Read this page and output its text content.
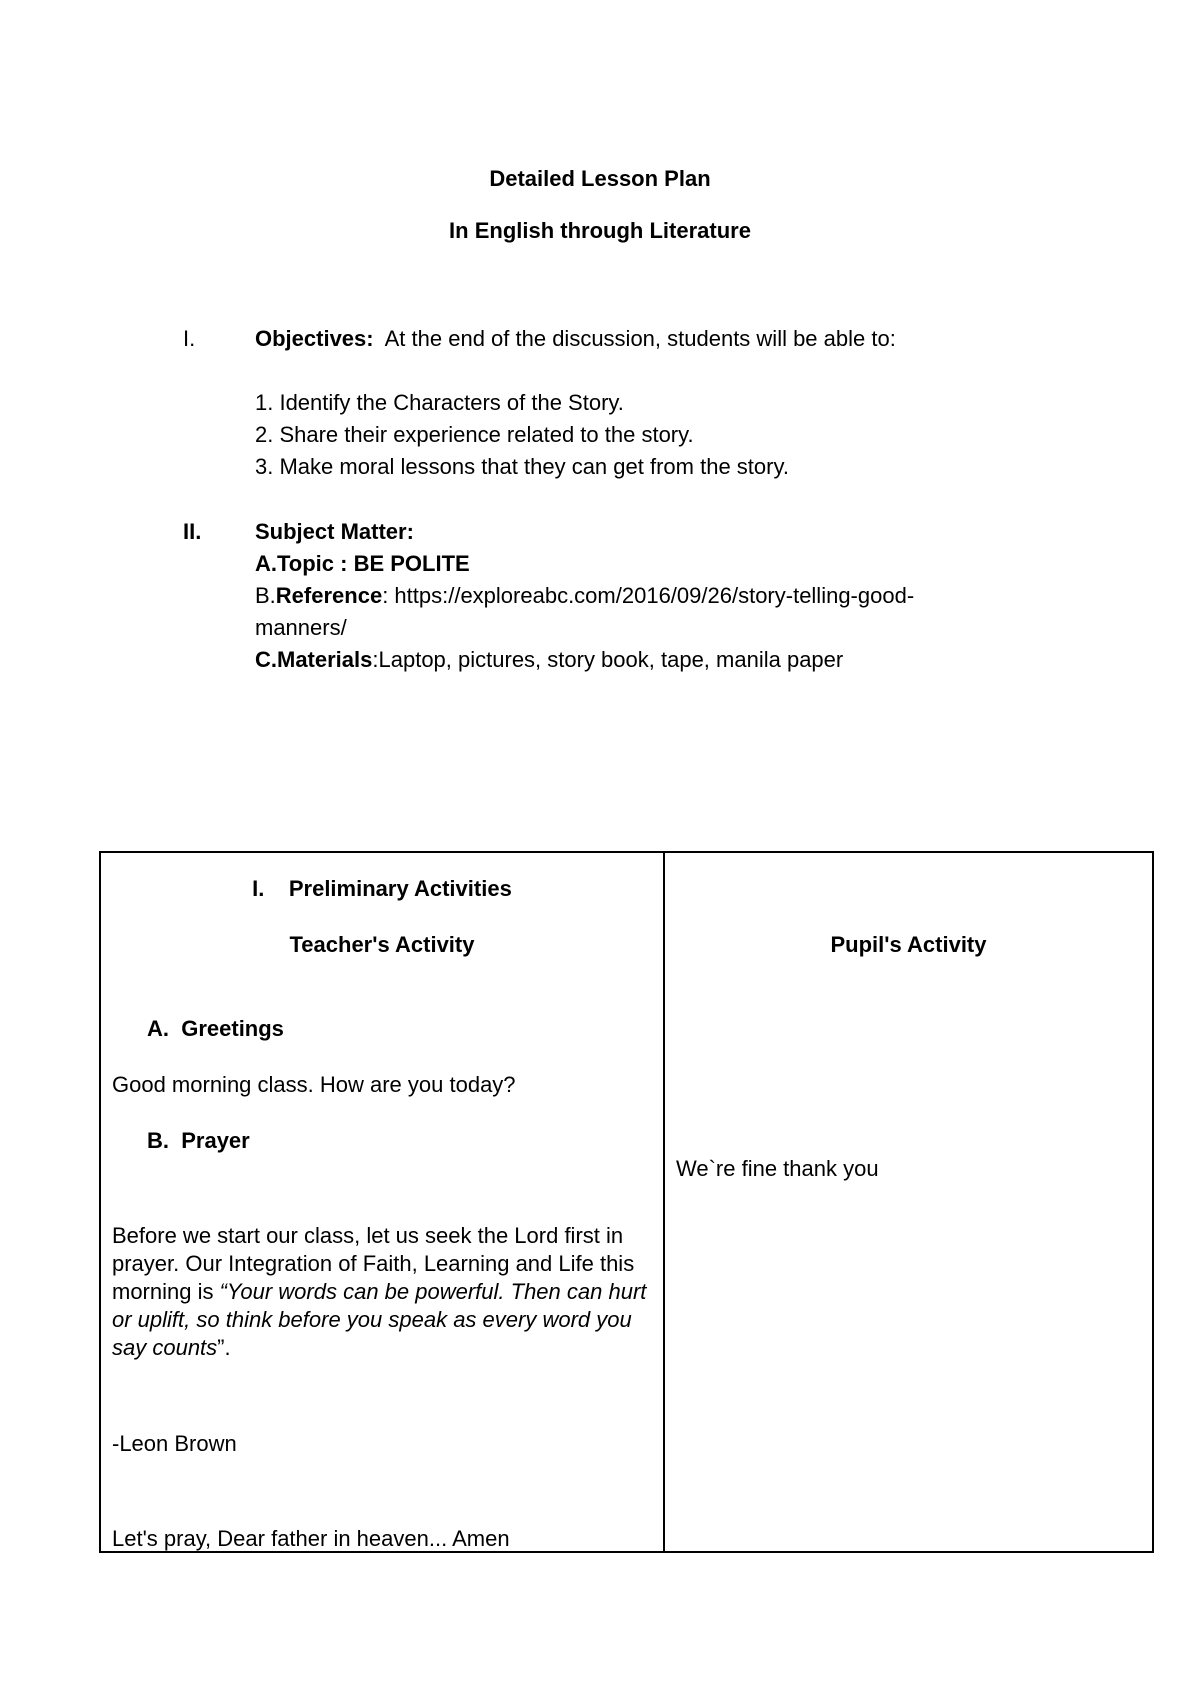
Detailed Lesson Plan
In English through Literature
I.	Objectives: At the end of the discussion, students will be able to:
1. Identify the Characters of the Story.
2. Share their experience related to the story.
3. Make moral lessons that they can get from the story.
II. Subject Matter:
A.Topic : BE POLITE
B.Reference: https://exploreabc.com/2016/09/26/story-telling-good-
manners/
C.Materials:Laptop, pictures, story book, tape, manila paper
I.    Preliminary Activities
Teacher's Activity
A.  Greetings
Good morning class. How are you today?
B.  Prayer
Before we start our class, let us seek the Lord first in prayer. Our Integration of Faith, Learning and Life this morning is “Your words can be powerful. Then can hurt or uplift, so think before you speak as every word you say counts”.
-Leon Brown
Let's pray, Dear father in heaven... Amen
Pupil's Activity
We`re fine thank you
